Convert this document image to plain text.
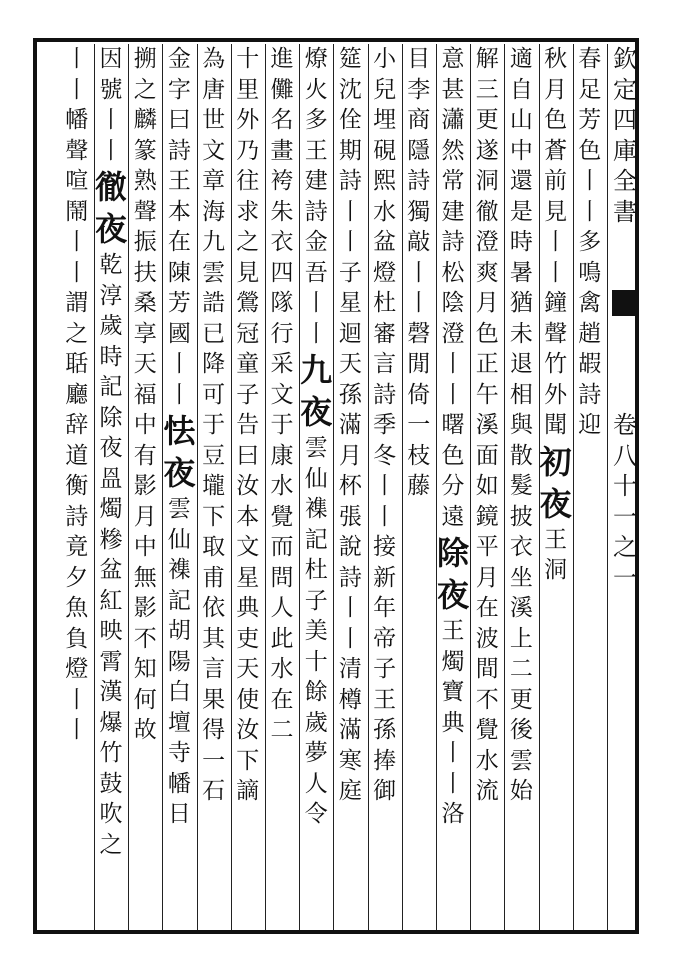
欽
定
四
庫
全
書
卷
八
十
一
之
一
春
足
芳
色
丨
丨
多
鳴
禽
趙
嘏
詩
迎
秋
月
色
蒼
前
見
丨
丨
鐘
聲
竹
外
聞
初
夜
王
洞
適
自
山
中
還
是
時
暑
猶
未
退
相
與
散
髮
披
衣
坐
溪
上
二
更
後
雲
始
解
三
更
遂
洞
徹
澄
爽
月
色
正
午
溪
面
如
鏡
平
月
在
波
間
不
覺
水
流
意
甚
瀟
然
常
建
詩
松
陰
澄
丨
丨
曙
色
分
遠
除
夜
王
燭
寶
典
丨
丨
洛
目
李
商
隱
詩
獨
敲
丨
丨
磬
閒
倚
一
枝
藤
小
兒
埋
硯
熙
水
盆
燈
杜
審
言
詩
季
冬
丨
丨
接
新
年
帝
子
王
孫
捧
御
筵
沈
佺
期
詩
丨
丨
子
星
迴
天
孫
滿
月
杯
張
說
詩
丨
丨
清
樽
滿
寒
庭
燎
火
多
王
建
詩
金
吾
丨
丨
九
夜
雲
仙
襍
記
杜
子
美
十
餘
歲
夢
人
令
進
儺
名
畫
袴
朱
衣
四
隊
行
采
文
于
康
水
覺
而
問
人
此
水
在
二
十
里
外
乃
往
求
之
見
鶯
冠
童
子
告
曰
汝
本
文
星
典
吏
天
使
汝
下
謫
為
唐
世
文
章
海
九
雲
誥
已
降
可
于
豆
壠
下
取
甫
依
其
言
果
得
一
石
金
字
曰
詩
王
本
在
陳
芳
國
丨
丨
怯
夜
雲
仙
襍
記
胡
陽
白
壇
寺
幡
日
搠
之
麟
篆
熟
聲
振
扶
桑
享
天
福
中
有
影
月
中
無
影
不
知
何
故
因
號
丨
丨
徹
夜
乾
淳
歲
時
記
除
夜
𥁕
燭
糝
盆
紅
映
霄
漢
爆
竹
鼓
吹
之
丨
丨
幡
聲
喧
鬧
丨
丨
謂
之
聒
廳
辞
道
衡
詩
竟
夕
魚
負
燈
丨
丨
